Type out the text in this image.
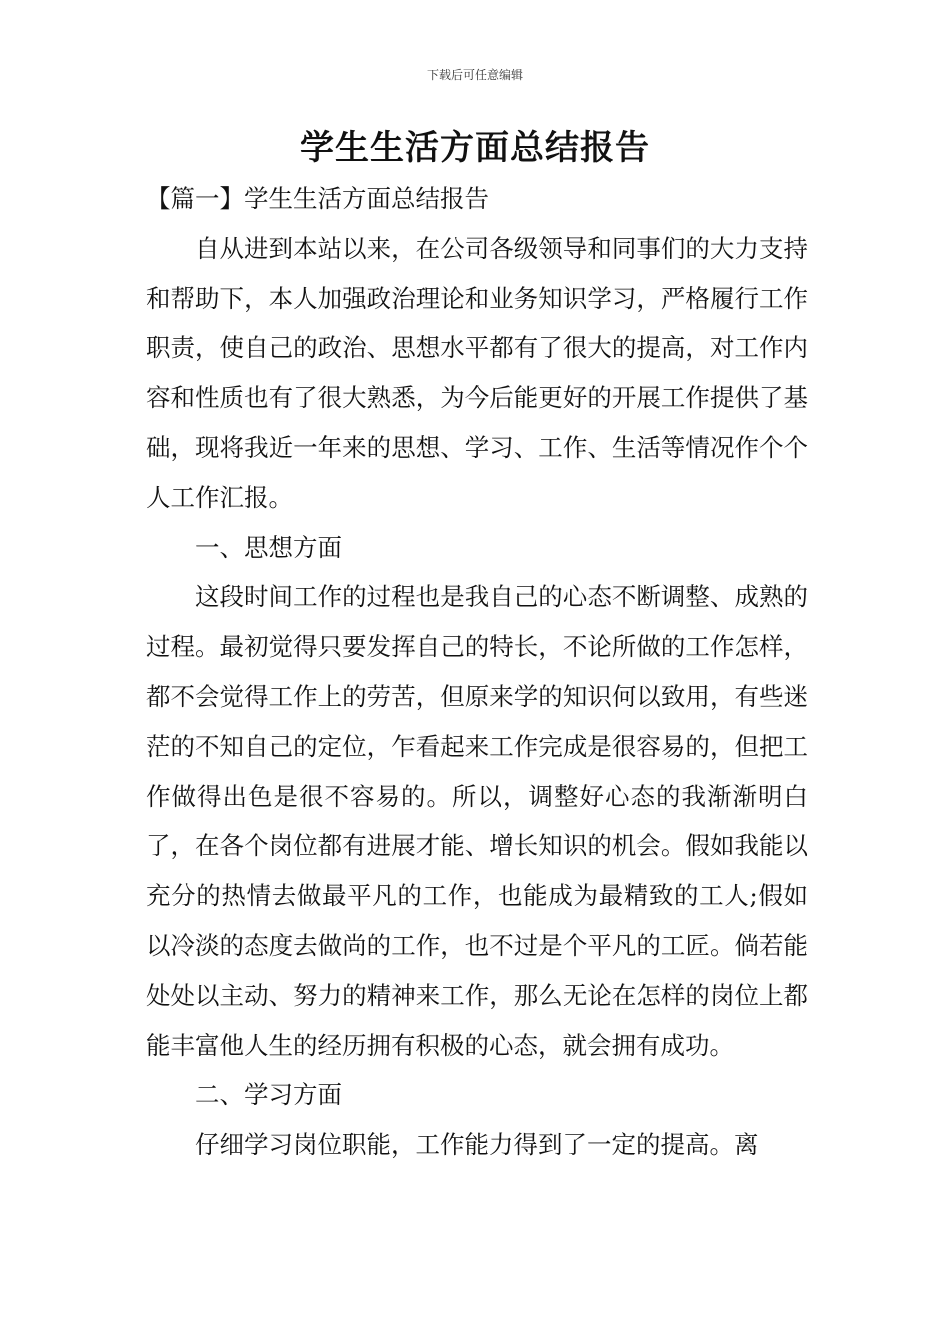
下载后可任意编辑
学生生活方面总结报告

【篇一】学生生活方面总结报告

自从进到本站以来，在公司各级领导和同事们的大力支持和帮助下，本人加强政治理论和业务知识学习，严格履行工作职责，使自己的政治、思想水平都有了很大的提高，对工作内容和性质也有了很大熟悉，为今后能更好的开展工作提供了基础，现将我近一年来的思想、学习、工作、生活等情况作个个人工作汇报。

一、思想方面

这段时间工作的过程也是我自己的心态不断调整、成熟的过程。最初觉得只要发挥自己的特长，不论所做的工作怎样，都不会觉得工作上的劳苦，但原来学的知识何以致用，有些迷茫的不知自己的定位，乍看起来工作完成是很容易的，但把工作做得出色是很不容易的。所以，调整好心态的我渐渐明白了，在各个岗位都有进展才能、增长知识的机会。假如我能以充分的热情去做最平凡的工作，也能成为最精致的工人;假如以冷淡的态度去做尚的工作，也不过是个平凡的工匠。倘若能处处以主动、努力的精神来工作，那么无论在怎样的岗位上都能丰富他人生的经历拥有积极的心态，就会拥有成功。

二、学习方面

仔细学习岗位职能，工作能力得到了一定的提高。离
